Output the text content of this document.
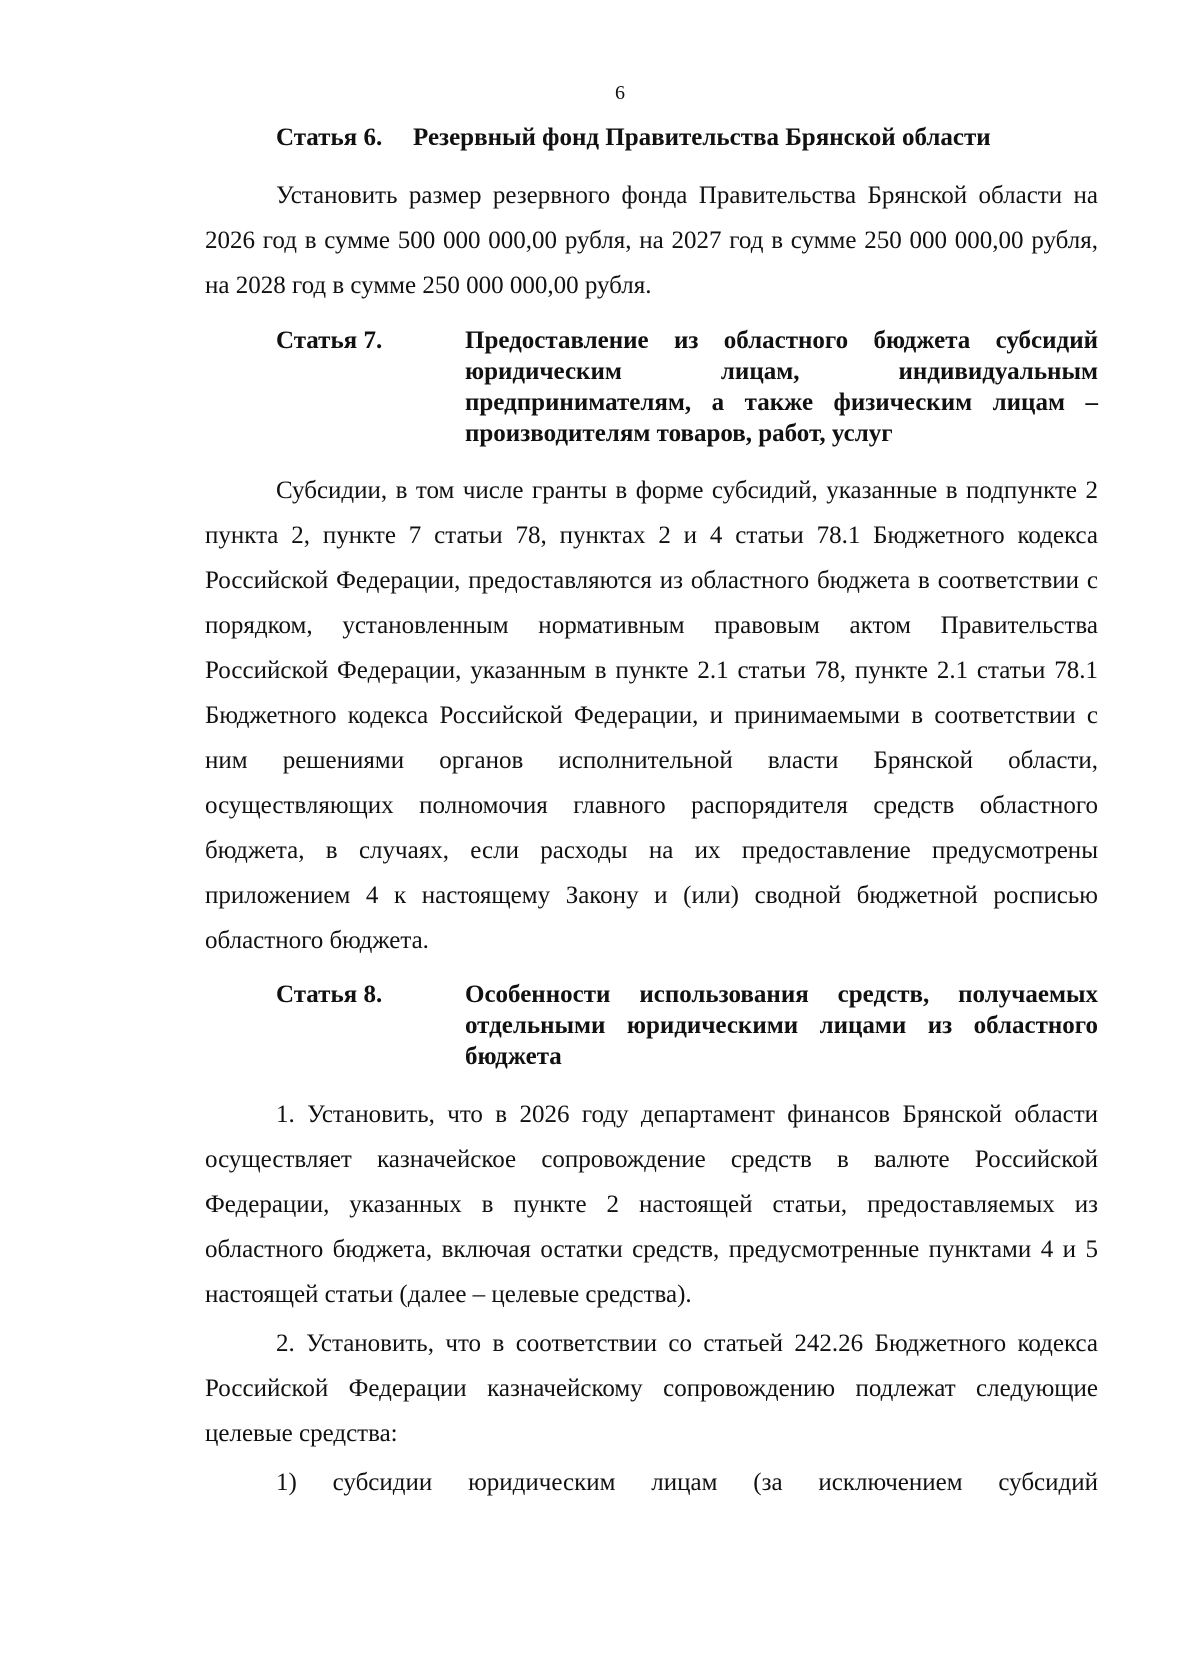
6
Статья 6.	Резервный фонд Правительства Брянской области

Установить размер резервного фонда Правительства Брянской области на 2026 год в сумме 500 000 000,00 рубля, на 2027 год в сумме 250 000 000,00 рубля, на 2028 год в сумме 250 000 000,00 рубля.

Статья 7.	Предоставление из областного бюджета субсидий юридическим лицам, индивидуальным предпринимателям, а также физическим лицам – производителям товаров, работ, услуг

Субсидии, в том числе гранты в форме субсидий, указанные в подпункте 2 пункта 2, пункте 7 статьи 78, пунктах 2 и 4 статьи 78.1 Бюджетного кодекса Российской Федерации, предоставляются из областного бюджета в соответствии с порядком, установленным нормативным правовым актом Правительства Российской Федерации, указанным в пункте 2.1 статьи 78, пункте 2.1 статьи 78.1 Бюджетного кодекса Российской Федерации, и принимаемыми в соответствии с ним решениями органов исполнительной власти Брянской области, осуществляющих полномочия главного распорядителя средств областного бюджета, в случаях, если расходы на их предоставление предусмотрены приложением 4 к настоящему Закону и (или) сводной бюджетной росписью областного бюджета.

Статья 8.	Особенности использования средств, получаемых отдельными юридическими лицами из областного бюджета

1. Установить, что в 2026 году департамент финансов Брянской области осуществляет казначейское сопровождение средств в валюте Российской Федерации, указанных в пункте 2 настоящей статьи, предоставляемых из областного бюджета, включая остатки средств, предусмотренные пунктами 4 и 5 настоящей статьи (далее – целевые средства).

2. Установить, что в соответствии со статьей 242.26 Бюджетного кодекса Российской Федерации казначейскому сопровождению подлежат следующие целевые средства:

1) субсидии юридическим лицам (за исключением субсидий
